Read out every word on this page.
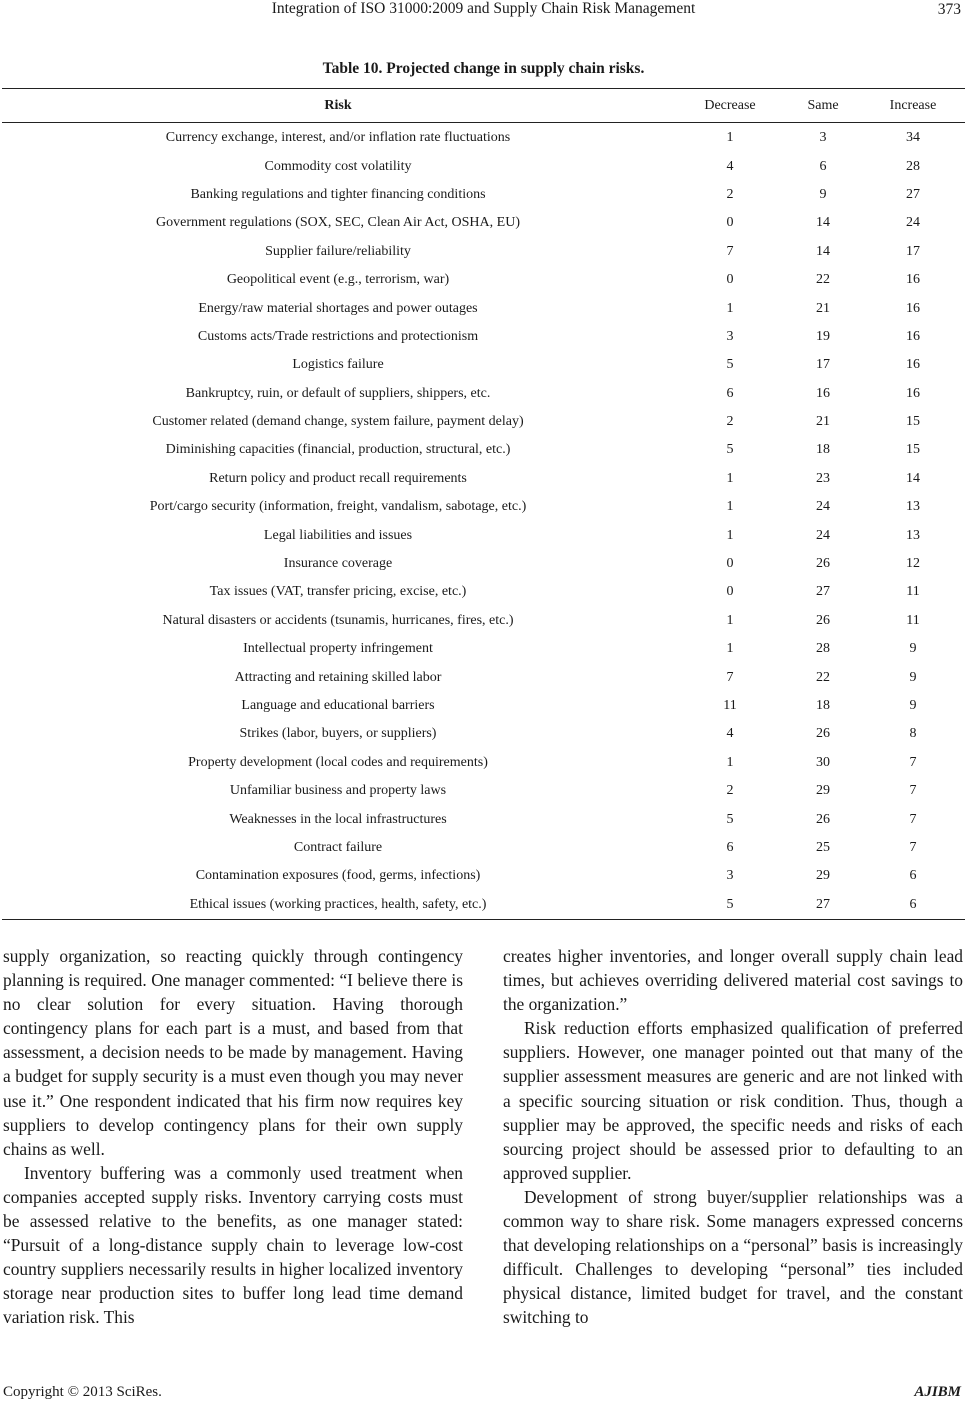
Integration of ISO 31000:2009 and Supply Chain Risk Management	373
Table 10. Projected change in supply chain risks.
Risk	Decrease	Same	Increase
Currency exchange, interest, and/or inflation rate fluctuations	1	3	34
Commodity cost volatility	4	6	28
Banking regulations and tighter financing conditions	2	9	27
Government regulations (SOX, SEC, Clean Air Act, OSHA, EU)	0	14	24
Supplier failure/reliability	7	14	17
Geopolitical event (e.g., terrorism, war)	0	22	16
Energy/raw material shortages and power outages	1	21	16
Customs acts/Trade restrictions and protectionism	3	19	16
Logistics failure	5	17	16
Bankruptcy, ruin, or default of suppliers, shippers, etc.	6	16	16
Customer related (demand change, system failure, payment delay)	2	21	15
Diminishing capacities (financial, production, structural, etc.)	5	18	15
Return policy and product recall requirements	1	23	14
Port/cargo security (information, freight, vandalism, sabotage, etc.)	1	24	13
Legal liabilities and issues	1	24	13
Insurance coverage	0	26	12
Tax issues (VAT, transfer pricing, excise, etc.)	0	27	11
Natural disasters or accidents (tsunamis, hurricanes, fires, etc.)	1	26	11
Intellectual property infringement	1	28	9
Attracting and retaining skilled labor	7	22	9
Language and educational barriers	11	18	9
Strikes (labor, buyers, or suppliers)	4	26	8
Property development (local codes and requirements)	1	30	7
Unfamiliar business and property laws	2	29	7
Weaknesses in the local infrastructures	5	26	7
Contract failure	6	25	7
Contamination exposures (food, germs, infections)	3	29	6
Ethical issues (working practices, health, safety, etc.)	5	27	6

supply organization, so reacting quickly through contingency planning is required. One manager commented: “I believe there is no clear solution for every situation. Having thorough contingency plans for each part is a must, and based from that assessment, a decision needs to be made by management. Having a budget for supply security is a must even though you may never use it.” One respondent indicated that his firm now requires key suppliers to develop contingency plans for their own supply chains as well.

Inventory buffering was a commonly used treatment when companies accepted supply risks. Inventory carrying costs must be assessed relative to the benefits, as one manager stated: “Pursuit of a long-distance supply chain to leverage low-cost country suppliers necessarily results in higher localized inventory storage near production sites to buffer long lead time demand variation risk. This

creates higher inventories, and longer overall supply chain lead times, but achieves overriding delivered material cost savings to the organization.”

Risk reduction efforts emphasized qualification of preferred suppliers. However, one manager pointed out that many of the supplier assessment measures are generic and are not linked with a specific sourcing situation or risk condition. Thus, though a supplier may be approved, the specific needs and risks of each sourcing project should be assessed prior to defaulting to an approved supplier.

Development of strong buyer/supplier relationships was a common way to share risk. Some managers expressed concerns that developing relationships on a “personal” basis is increasingly difficult. Challenges to developing “personal” ties included physical distance, limited budget for travel, and the constant switching to

Copyright © 2013 SciRes.	AJIBM
